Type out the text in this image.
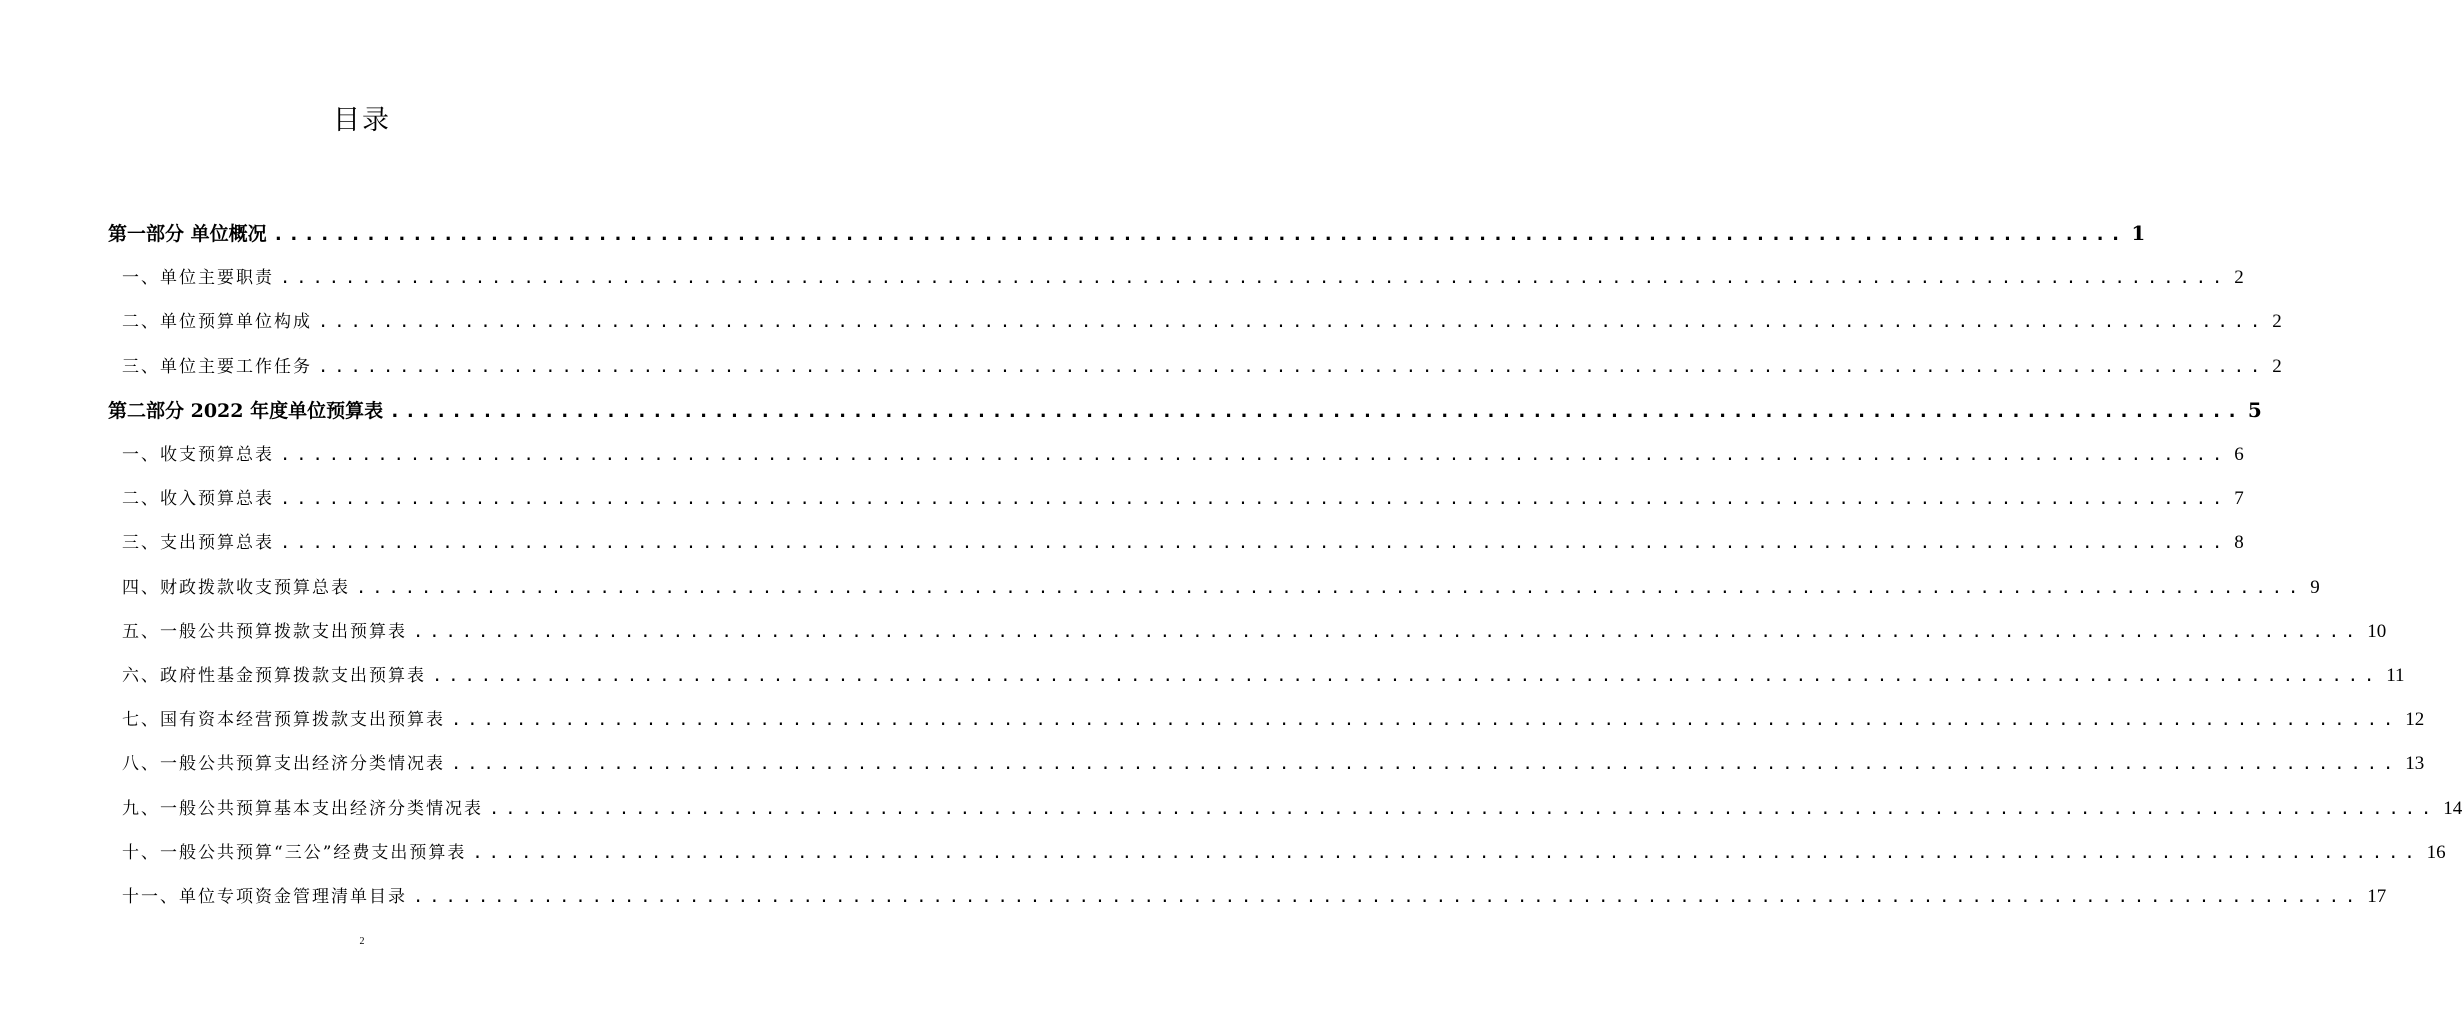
目录
第一部分 单位概况 ........................................................................................................................ 1
一、单位主要职责 ........................................................................................................................ 2
二、单位预算单位构成 ........................................................................................................................ 2
三、单位主要工作任务 ........................................................................................................................ 2
第二部分 2022 年度单位预算表 ........................................................................................................................ 5
一、收支预算总表 ........................................................................................................................ 6
二、收入预算总表 ........................................................................................................................ 7
三、支出预算总表 ........................................................................................................................ 8
四、财政拨款收支预算总表 ........................................................................................................................ 9
五、一般公共预算拨款支出预算表 ........................................................................................................................ 10
六、政府性基金预算拨款支出预算表 ........................................................................................................................ 11
七、国有资本经营预算拨款支出预算表 ........................................................................................................................ 12
八、一般公共预算支出经济分类情况表 ........................................................................................................................ 13
九、一般公共预算基本支出经济分类情况表 ........................................................................................................................ 14
十、一般公共预算“三公”经费支出预算表 ........................................................................................................................ 16
十一、单位专项资金管理清单目录 ........................................................................................................................ 17
2
